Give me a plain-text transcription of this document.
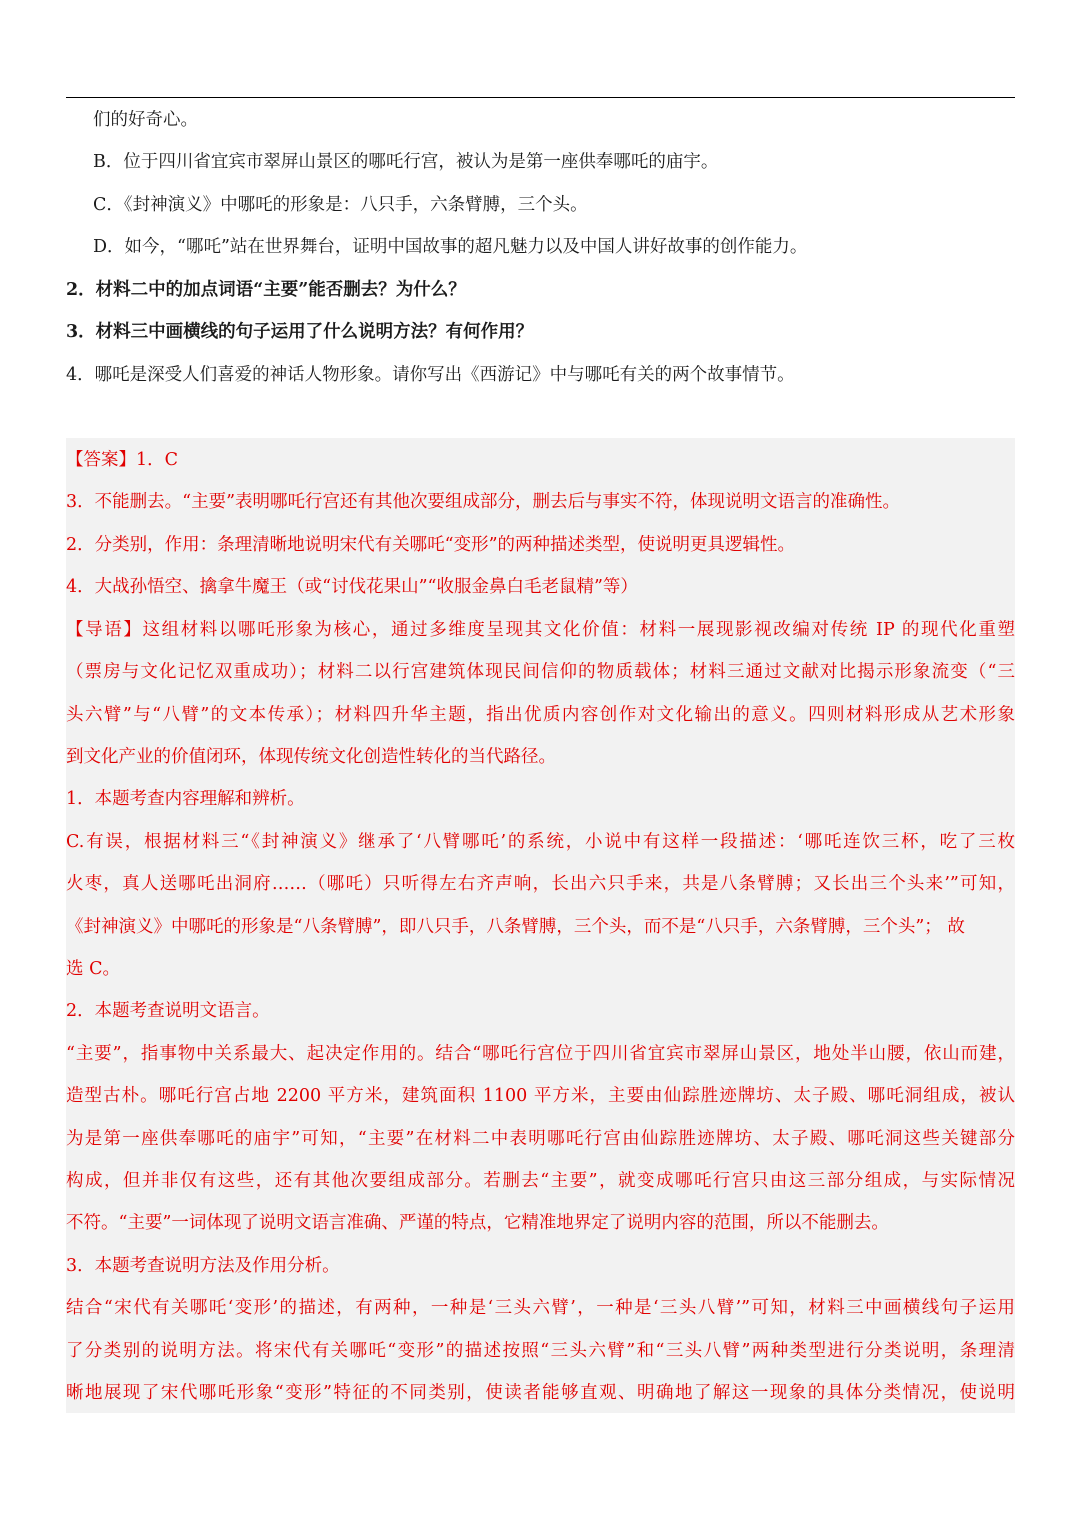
们的好奇心。
B．位于四川省宜宾市翠屏山景区的哪吒行宫，被认为是第一座供奉哪吒的庙宇。
C．《封神演义》中哪吒的形象是：八只手，六条臂膊，三个头。
D．如今，“哪吒”站在世界舞台，证明中国故事的超凡魅力以及中国人讲好故事的创作能力。
2．材料二中的加点词语“主要”能否删去？为什么？
3．材料三中画横线的句子运用了什么说明方法？有何作用？
4．哪吒是深受人们喜爱的神话人物形象。请你写出《西游记》中与哪吒有关的两个故事情节。
【答案】1．C
3．不能删去。“主要”表明哪吒行宫还有其他次要组成部分，删去后与事实不符，体现说明文语言的准确性。
2．分类别，作用：条理清晰地说明宋代有关哪吒“变形”的两种描述类型，使说明更具逻辑性。
4．大战孙悟空、擒拿牛魔王（或“讨伐花果山”“收服金鼻白毛老鼠精”等）
【导语】这组材料以哪吒形象为核心，通过多维度呈现其文化价值：材料一展现影视改编对传统 IP 的现代化重塑
（票房与文化记忆双重成功）；材料二以行宫建筑体现民间信仰的物质载体；材料三通过文献对比揭示形象流变（“三
头六臂”与“八臂”的文本传承）；材料四升华主题，指出优质内容创作对文化输出的意义。四则材料形成从艺术形象
到文化产业的价值闭环，体现传统文化创造性转化的当代路径。
1．本题考查内容理解和辨析。
C.有误，根据材料三“《封神演义》继承了‘八臂哪吒’的系统，小说中有这样一段描述：‘哪吒连饮三杯，吃了三枚
火枣，真人送哪吒出洞府……（哪吒）只听得左右齐声响，长出六只手来，共是八条臂膊；又长出三个头来’”可知，
《封神演义》中哪吒的形象是“八条臂膊”，即八只手，八条臂膊，三个头，而不是“八只手，六条臂膊，三个头”； 故
选 C。
2．本题考查说明文语言。
“主要”，指事物中关系最大、起决定作用的。结合“哪吒行宫位于四川省宜宾市翠屏山景区，地处半山腰，依山而建，
造型古朴。哪吒行宫占地 2200 平方米，建筑面积 1100 平方米，主要由仙踪胜迹牌坊、太子殿、哪吒洞组成，被认
为是第一座供奉哪吒的庙宇”可知，“主要”在材料二中表明哪吒行宫由仙踪胜迹牌坊、太子殿、哪吒洞这些关键部分
构成，但并非仅有这些，还有其他次要组成部分。若删去“主要”，就变成哪吒行宫只由这三部分组成，与实际情况
不符。“主要”一词体现了说明文语言准确、严谨的特点，它精准地界定了说明内容的范围，所以不能删去。
3．本题考查说明方法及作用分析。
结合“宋代有关哪吒‘变形’的描述，有两种，一种是‘三头六臂’，一种是‘三头八臂’”可知，材料三中画横线句子运用
了分类别的说明方法。将宋代有关哪吒“变形”的描述按照“三头六臂”和“三头八臂”两种类型进行分类说明，条理清
晰地展现了宋代哪吒形象“变形”特征的不同类别，使读者能够直观、明确地了解这一现象的具体分类情况，使说明
